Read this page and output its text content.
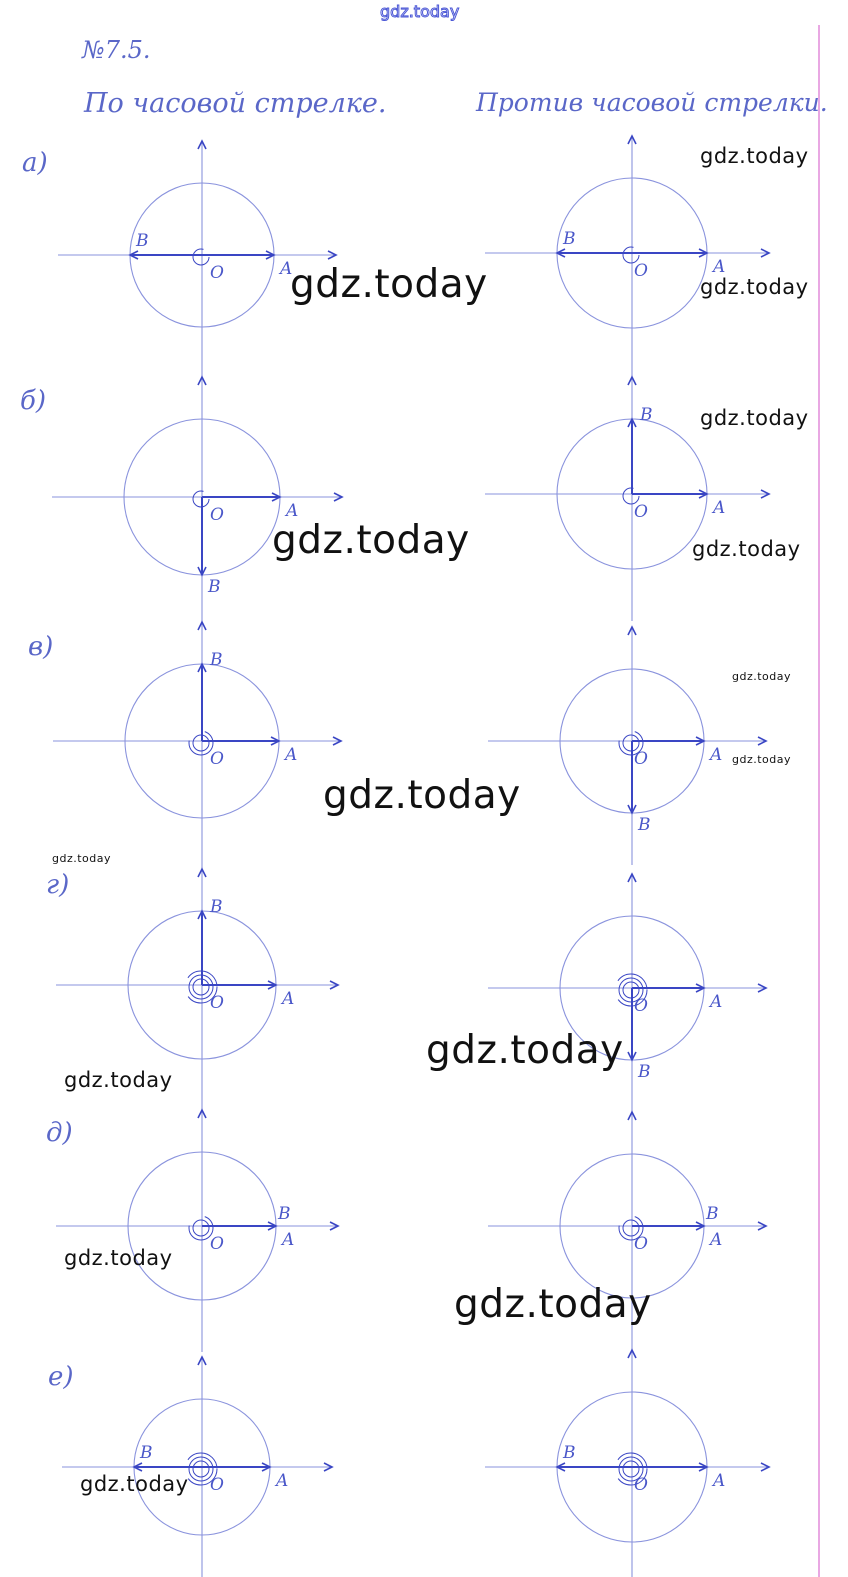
gdz.today
№7.5.
По часовой стрелке.	Против часовой стрелки.
а)
б)
в)
г)
д)
е)
O	A
B
O	A
B
O	A
B
O	A
B
O	A
B
O	A
B
O	A
B
O	A
B
O	A
B
O	A
B
O	A
B
O	A
B
gdz.today
gdz.today	gdz.today
gdz.today
gdz.today	gdz.today
gdz.today
gdz.today
gdz.today
gdz.today
gdz.today
gdz.today
gdz.today
gdz.today
gdz.today
